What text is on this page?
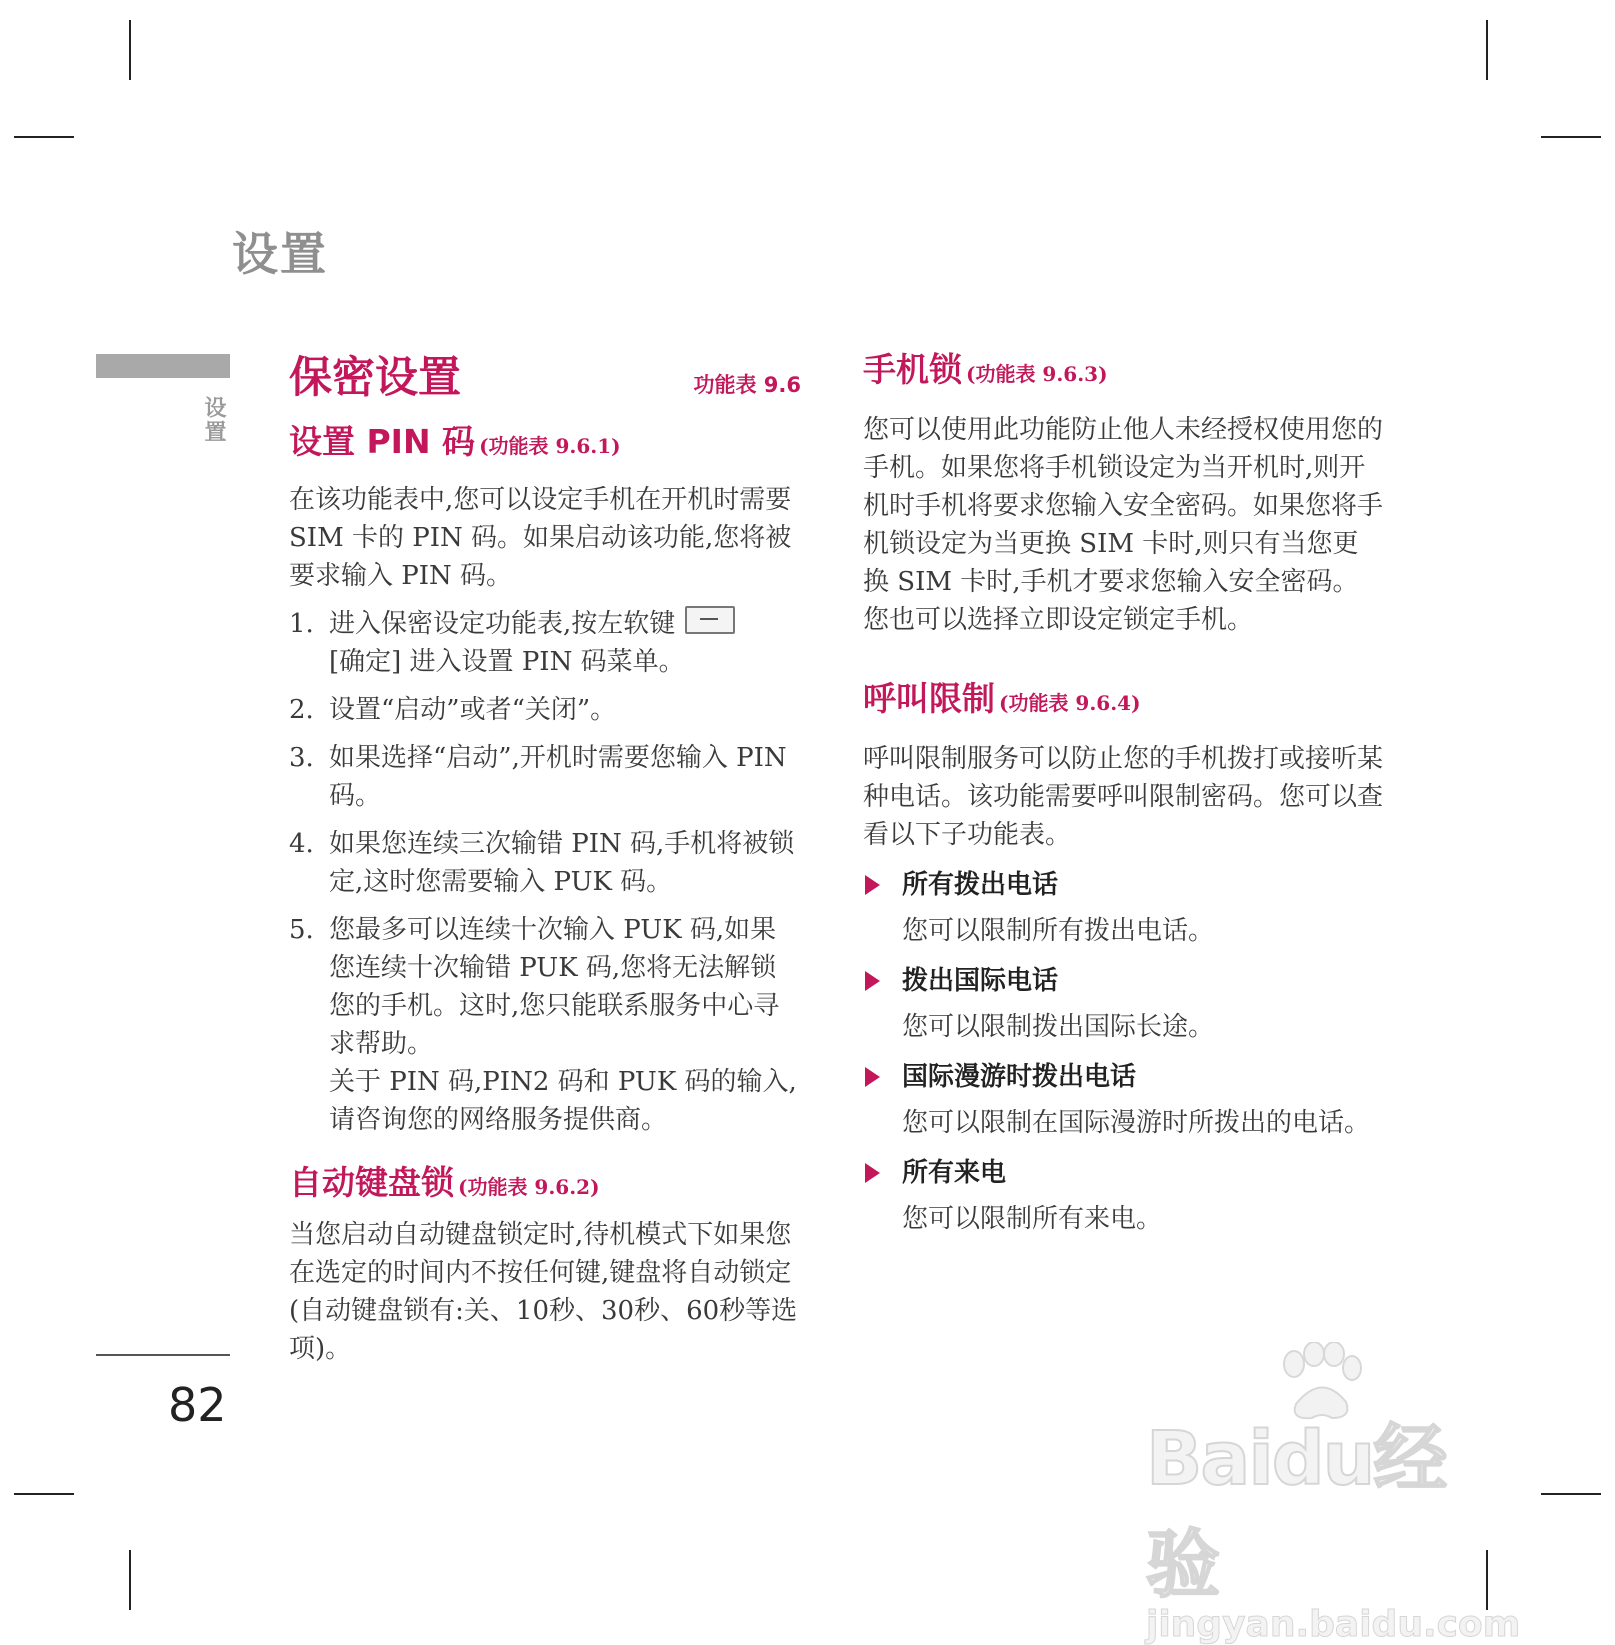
设置
设置
82
保密设置	功能表 9.6
设置 PIN 码 (功能表 9.6.1)

在该功能表中,您可以设定手机在开机时需要 SIM 卡的 PIN 码。如果启动该功能,您将被要求输入 PIN 码。

1. 进入保密设定功能表,按左软键
[确定] 进入设置 PIN 码菜单。
2. 设置“启动”或者“关闭”。
3. 如果选择“启动”,开机时需要您输入 PIN 码。
4. 如果您连续三次输错 PIN 码,手机将被锁定,这时您需要输入 PUK 码。
5. 您最多可以连续十次输入 PUK 码,如果您连续十次输错 PUK 码,您将无法解锁您的手机。这时,您只能联系服务中心寻求帮助。
关于 PIN 码,PIN2 码和 PUK 码的输入,请咨询您的网络服务提供商。
自动键盘锁 (功能表 9.6.2)

当您启动自动键盘锁定时,待机模式下如果您在选定的时间内不按任何键,键盘将自动锁定(自动键盘锁有:关、10秒、30秒、60秒等选项)。

手机锁 (功能表 9.6.3)

您可以使用此功能防止他人未经授权使用您的手机。如果您将手机锁设定为当开机时,则开机时手机将要求您输入安全密码。如果您将手机锁设定为当更换 SIM 卡时,则只有当您更换 SIM 卡时,手机才要求您输入安全密码。您也可以选择立即设定锁定手机。

呼叫限制 (功能表 9.6.4)

呼叫限制服务可以防止您的手机拨打或接听某种电话。该功能需要呼叫限制密码。您可以查看以下子功能表。

所有拨出电话
您可以限制所有拨出电话。
拨出国际电话
您可以限制拨出国际长途。
国际漫游时拨出电话
您可以限制在国际漫游时所拨出的电话。
所有来电
您可以限制所有来电。
Baidu经验
jingyan.baidu.com
